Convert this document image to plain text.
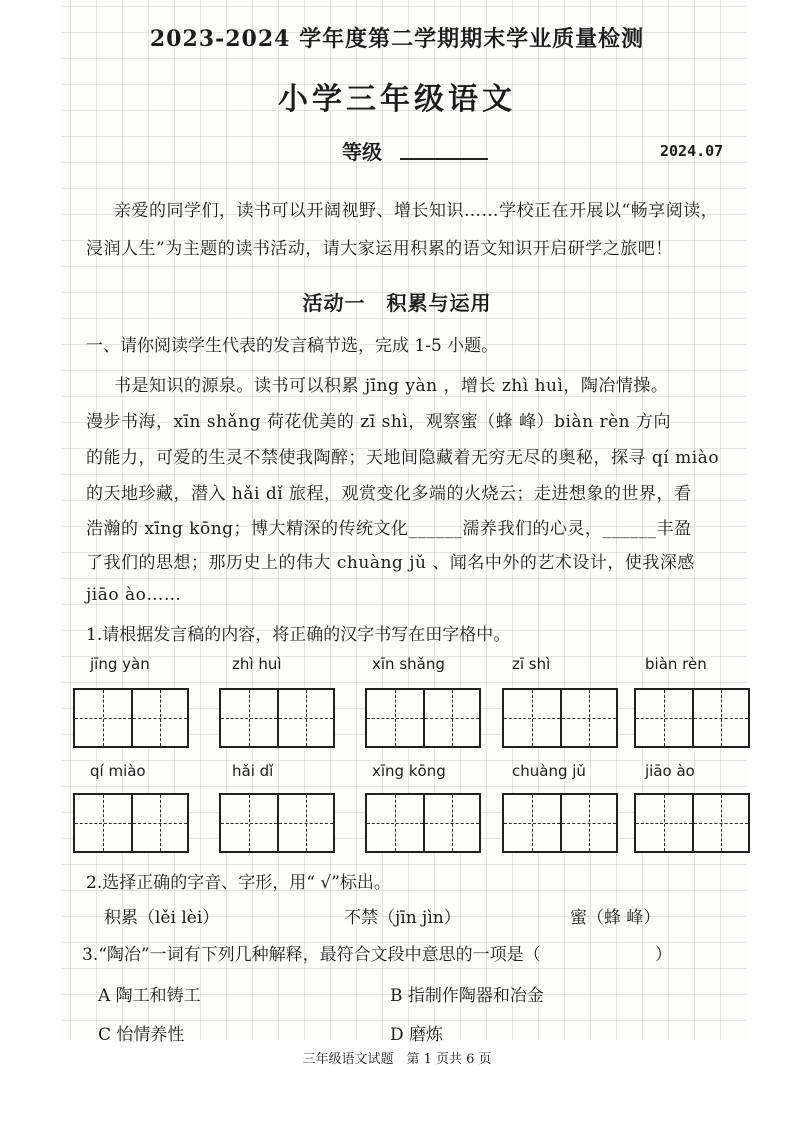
2023-2024 学年度第二学期期末学业质量检测
小学三年级语文
等级	2024.07
亲爱的同学们，读书可以开阔视野、增长知识……学校正在开展以“畅享阅读，
浸润人生”为主题的读书活动，请大家运用积累的语文知识开启研学之旅吧！
活动一　积累与运用
一、请你阅读学生代表的发言稿节选，完成 1-5 小题。
书是知识的源泉。读书可以积累 jīng yàn ，增长 zhì huì，陶冶情操。
漫步书海，xīn shǎng 荷花优美的 zī shì，观察蜜（蜂 峰）biàn rèn 方向
的能力，可爱的生灵不禁使我陶醉；天地间隐藏着无穷无尽的奥秘，探寻 qí miào
的天地珍藏，潜入 hǎi dǐ 旅程，观赏变化多端的火烧云；走进想象的世界，看
浩瀚的 xīng kōng；博大精深的传统文化______濡养我们的心灵，______丰盈
了我们的思想；那历史上的伟大 chuàng jǔ 、闻名中外的艺术设计，使我深感
jiāo ào……
1.请根据发言稿的内容，将正确的汉字书写在田字格中。
jīng yàn	zhì huì	xīn shǎng	zī shì	biàn rèn
qí miào	hǎi dǐ	xīng kōng	chuàng jǔ	jiāo ào
2.选择正确的字音、字形，用“ √”标出。
积累（lěi lèi）	不禁（jīn jìn）	蜜（蜂 峰）
3.“陶冶”一词有下列几种解释，最符合文段中意思的一项是（	）
A 陶工和铸工	B 指制作陶器和冶金
C 怡情养性	D 磨炼
三年级语文试题　第 1 页共 6 页
